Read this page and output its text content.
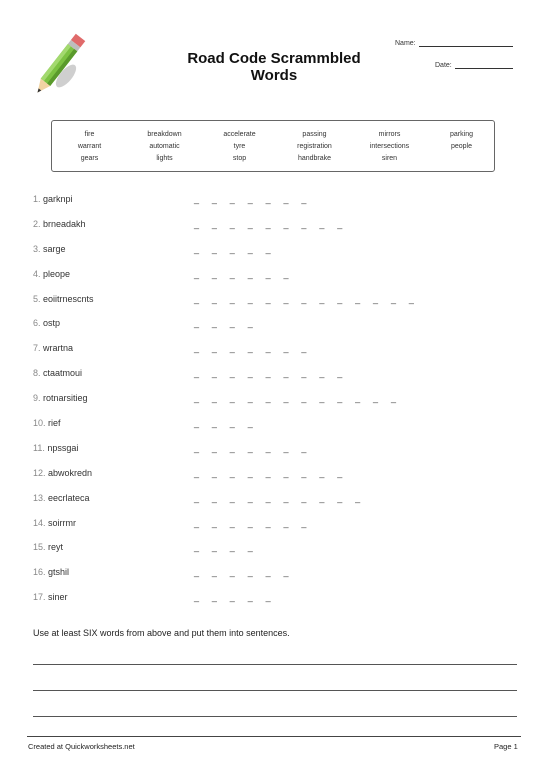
Road Code Scrammbled
Words
Name:
Date:
fire	breakdown	accelerate	passing	mirrors	parking
warrant	automatic	tyre	registration	intersections	people
gears	lights	stop	handbrake	siren
1. garknpi	_ _ _ _ _ _ _
2. brneadakh	_ _ _ _ _ _ _ _ _
3. sarge	_ _ _ _ _
4. pleope	_ _ _ _ _ _
5. eoiitrnescnts	_ _ _ _ _ _ _ _ _ _ _ _ _
6. ostp	_ _ _ _
7. wrartna	_ _ _ _ _ _ _
8. ctaatmoui	_ _ _ _ _ _ _ _ _
9. rotnarsitieg	_ _ _ _ _ _ _ _ _ _ _ _
10. rief	_ _ _ _
11. npssgai	_ _ _ _ _ _ _
12. abwokredn	_ _ _ _ _ _ _ _ _
13. eecrlateca	_ _ _ _ _ _ _ _ _ _
14. soirrmr	_ _ _ _ _ _ _
15. reyt	_ _ _ _
16. gtshil	_ _ _ _ _ _
17. siner	_ _ _ _ _
Use at least SIX words from above and put them into sentences.
Created at Quickworksheets.net	Page 1
